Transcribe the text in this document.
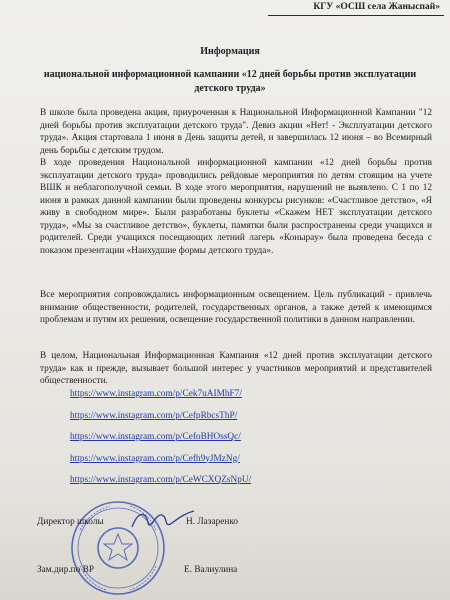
КГУ «ОСШ села Жаныспай»
Информация
национальной информационной кампании «12 дней борьбы против эксплуатации детского труда»
В школе была проведена акция, приуроченная к Национальной Информационной Кампании "12 дней борьбы против эксплуатации детского труда". Девиз акции «Нет! - Эксплуатации детского труда». Акция стартовала 1 июня в День защиты детей, и завершилась 12 июня – во Всемирный день борьбы с детским трудом.
В ходе проведения Национальной информационной кампании «12 дней борьбы против эксплуатации детского труда» проводились рейдовые мероприятия по детям стоящим на учете ВШК и неблагополучной семьи. В ходе этого мероприятия, нарушений не выявлено. С 1 по 12 июня в рамках данной кампании были проведены конкурсы рисунков: «Счастливое детство», «Я живу в свободном мире». Были разработаны буклеты «Скажем НЕТ эксплуатации детского труда», «Мы за счастливое детство», буклеты, памятки были распространены среди учащихся и родителей. Среди учащихся посещающих летний лагерь «Коныраy» была проведена беседа с показом презентации «Наихудшие формы детского труда».
Все мероприятия сопровождались информационным освещением. Цель публикаций - привлечь внимание общественности, родителей, государственных органов, а также детей к имеющимся проблемам и путям их решения, освещение государственной политики в данном направлении.
В целом, Национальная Информационная Кампания «12 дней против эксплуатации детского труда» как и прежде, вызывает большой интерес у участников мероприятий и представителей общественности.
https://www.instagram.com/p/Cek7uAIMhF7/
https://www.instagram.com/p/CefpRbcsThP/
https://www.instagram.com/p/CefoBHOssQc/
https://www.instagram.com/p/Cefh9yJMzNg/
https://www.instagram.com/p/CeWCXQZsNpU/
Директор школы	Н. Лазаренко
Зам.дир.по ВР	Е. Валиулина
